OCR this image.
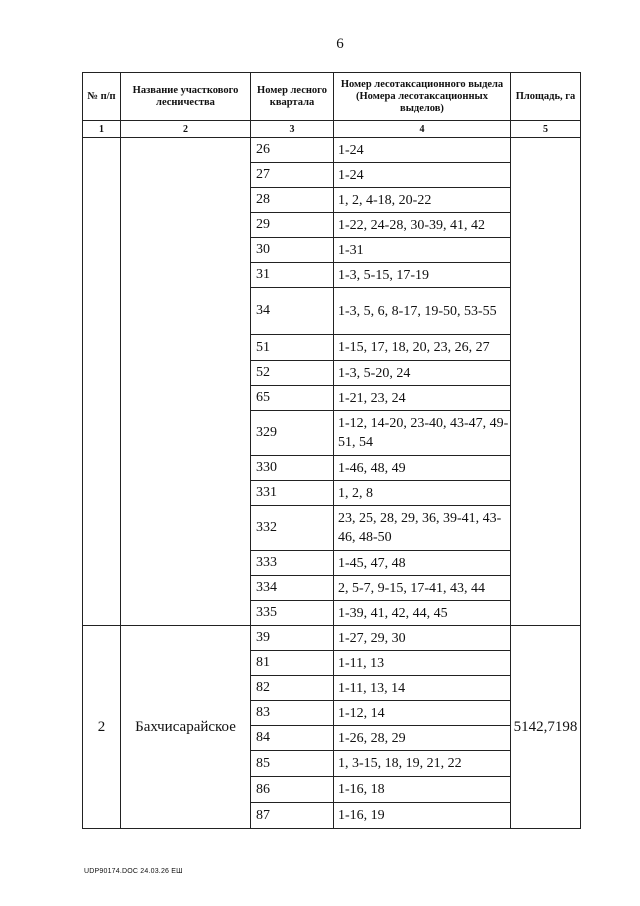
6
№ п/п	Название участкового лесничества	Номер лесного квартала	Номер лесотаксационного выдела (Номера лесотаксационных выделов)	Площадь, га
1	2	3	4	5
		26	1-24	
		27	1-24	
		28	1, 2, 4-18, 20-22	
		29	1-22, 24-28, 30-39, 41, 42	
		30	1-31	
		31	1-3, 5-15, 17-19	
		34	1-3, 5, 6, 8-17, 19-50, 53-55	
		51	1-15, 17, 18, 20, 23, 26, 27	
		52	1-3, 5-20, 24	
		65	1-21, 23, 24	
		329	1-12, 14-20, 23-40, 43-47, 49-51, 54	
		330	1-46, 48, 49	
		331	1, 2, 8	
		332	23, 25, 28, 29, 36, 39-41, 43-46, 48-50	
		333	1-45, 47, 48	
		334	2, 5-7, 9-15, 17-41, 43, 44	
		335	1-39, 41, 42, 44, 45	
2	Бахчисарайское	39	1-27, 29, 30	5142,7198
		81	1-11, 13	
		82	1-11, 13, 14	
		83	1-12, 14	
		84	1-26, 28, 29	
		85	1, 3-15, 18, 19, 21, 22	
		86	1-16, 18	
		87	1-16, 19	
UDP90174.DOC 24.03.26 ЕШ
